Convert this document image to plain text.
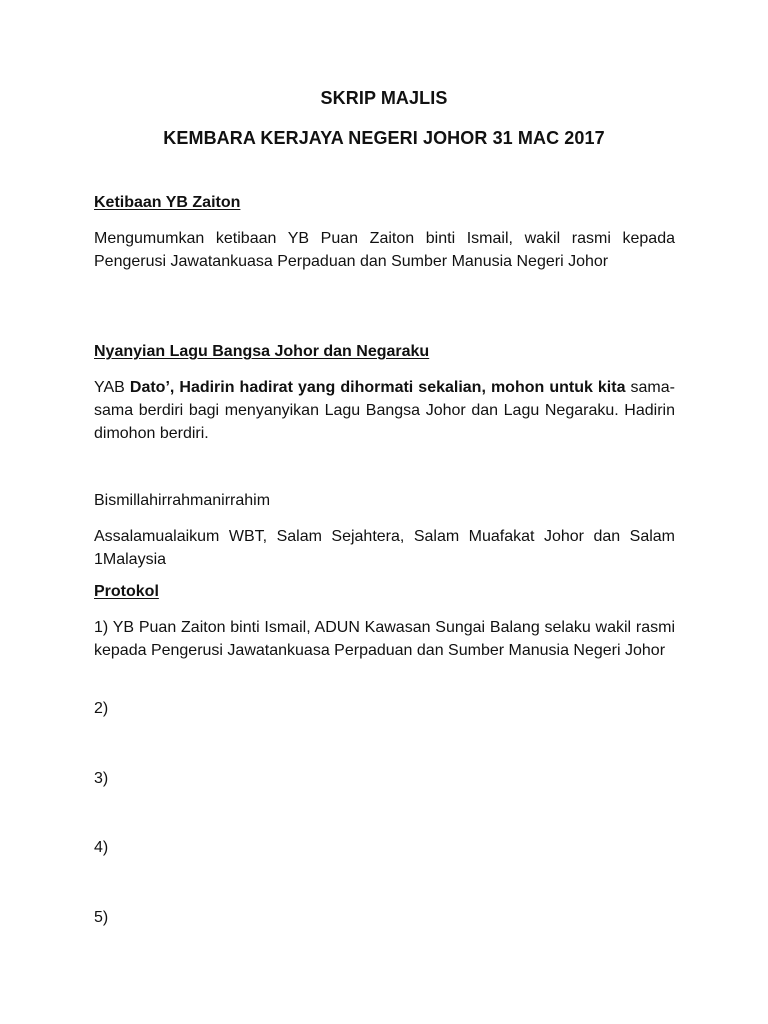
SKRIP MAJLIS
KEMBARA KERJAYA NEGERI JOHOR 31 MAC 2017
Ketibaan YB Zaiton
Mengumumkan ketibaan YB Puan Zaiton binti Ismail, wakil rasmi kepada Pengerusi Jawatankuasa Perpaduan dan Sumber Manusia Negeri Johor
Nyanyian Lagu Bangsa Johor dan Negaraku
YAB Dato’, Hadirin hadirat yang dihormati sekalian, mohon untuk kita sama-sama berdiri bagi menyanyikan Lagu Bangsa Johor dan Lagu Negaraku. Hadirin dimohon berdiri.
Bismillahirrahmanirrahim
Assalamualaikum WBT, Salam Sejahtera, Salam Muafakat Johor dan Salam 1Malaysia
Protokol
1) YB Puan Zaiton binti Ismail, ADUN Kawasan Sungai Balang selaku wakil rasmi kepada Pengerusi Jawatankuasa Perpaduan dan Sumber Manusia Negeri Johor
2)
3)
4)
5)
